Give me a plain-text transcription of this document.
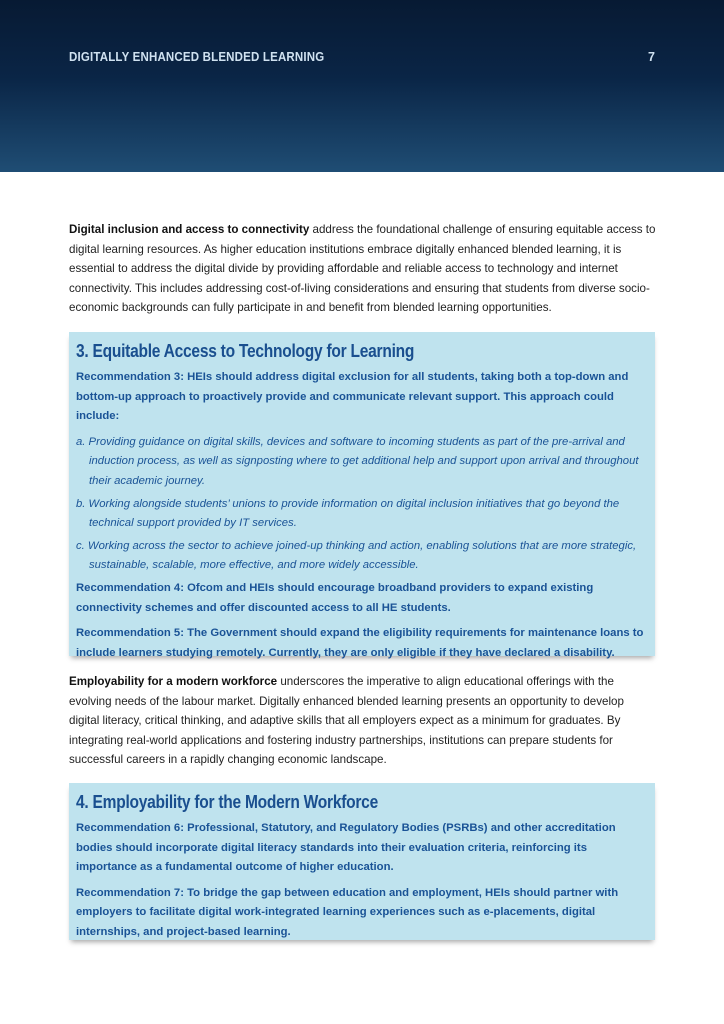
DIGITALLY ENHANCED BLENDED LEARNING	7

Digital inclusion and access to connectivity address the foundational challenge of ensuring equitable access to digital learning resources. As higher education institutions embrace digitally enhanced blended learning, it is essential to address the digital divide by providing affordable and reliable access to technology and internet connectivity. This includes addressing cost-of-living considerations and ensuring that students from diverse socio-economic backgrounds can fully participate in and benefit from blended learning opportunities.

3. Equitable Access to Technology for Learning

Recommendation 3: HEIs should address digital exclusion for all students, taking both a top-down and bottom-up approach to proactively provide and communicate relevant support. This approach could include:

a. Providing guidance on digital skills, devices and software to incoming students as part of the pre-arrival and induction process, as well as signposting where to get additional help and support upon arrival and throughout their academic journey.

b. Working alongside students’ unions to provide information on digital inclusion initiatives that go beyond the technical support provided by IT services.

c. Working across the sector to achieve joined-up thinking and action, enabling solutions that are more strategic, sustainable, scalable, more effective, and more widely accessible.

Recommendation 4: Ofcom and HEIs should encourage broadband providers to expand existing connectivity schemes and offer discounted access to all HE students.

Recommendation 5: The Government should expand the eligibility requirements for maintenance loans to include learners studying remotely. Currently, they are only eligible if they have declared a disability.

Employability for a modern workforce underscores the imperative to align educational offerings with the evolving needs of the labour market. Digitally enhanced blended learning presents an opportunity to develop digital literacy, critical thinking, and adaptive skills that all employers expect as a minimum for graduates. By integrating real-world applications and fostering industry partnerships, institutions can prepare students for successful careers in a rapidly changing economic landscape.

4. Employability for the Modern Workforce

Recommendation 6: Professional, Statutory, and Regulatory Bodies (PSRBs) and other accreditation bodies should incorporate digital literacy standards into their evaluation criteria, reinforcing its importance as a fundamental outcome of higher education.

Recommendation 7: To bridge the gap between education and employment, HEIs should partner with employers to facilitate digital work-integrated learning experiences such as e-placements, digital internships, and project-based learning.
